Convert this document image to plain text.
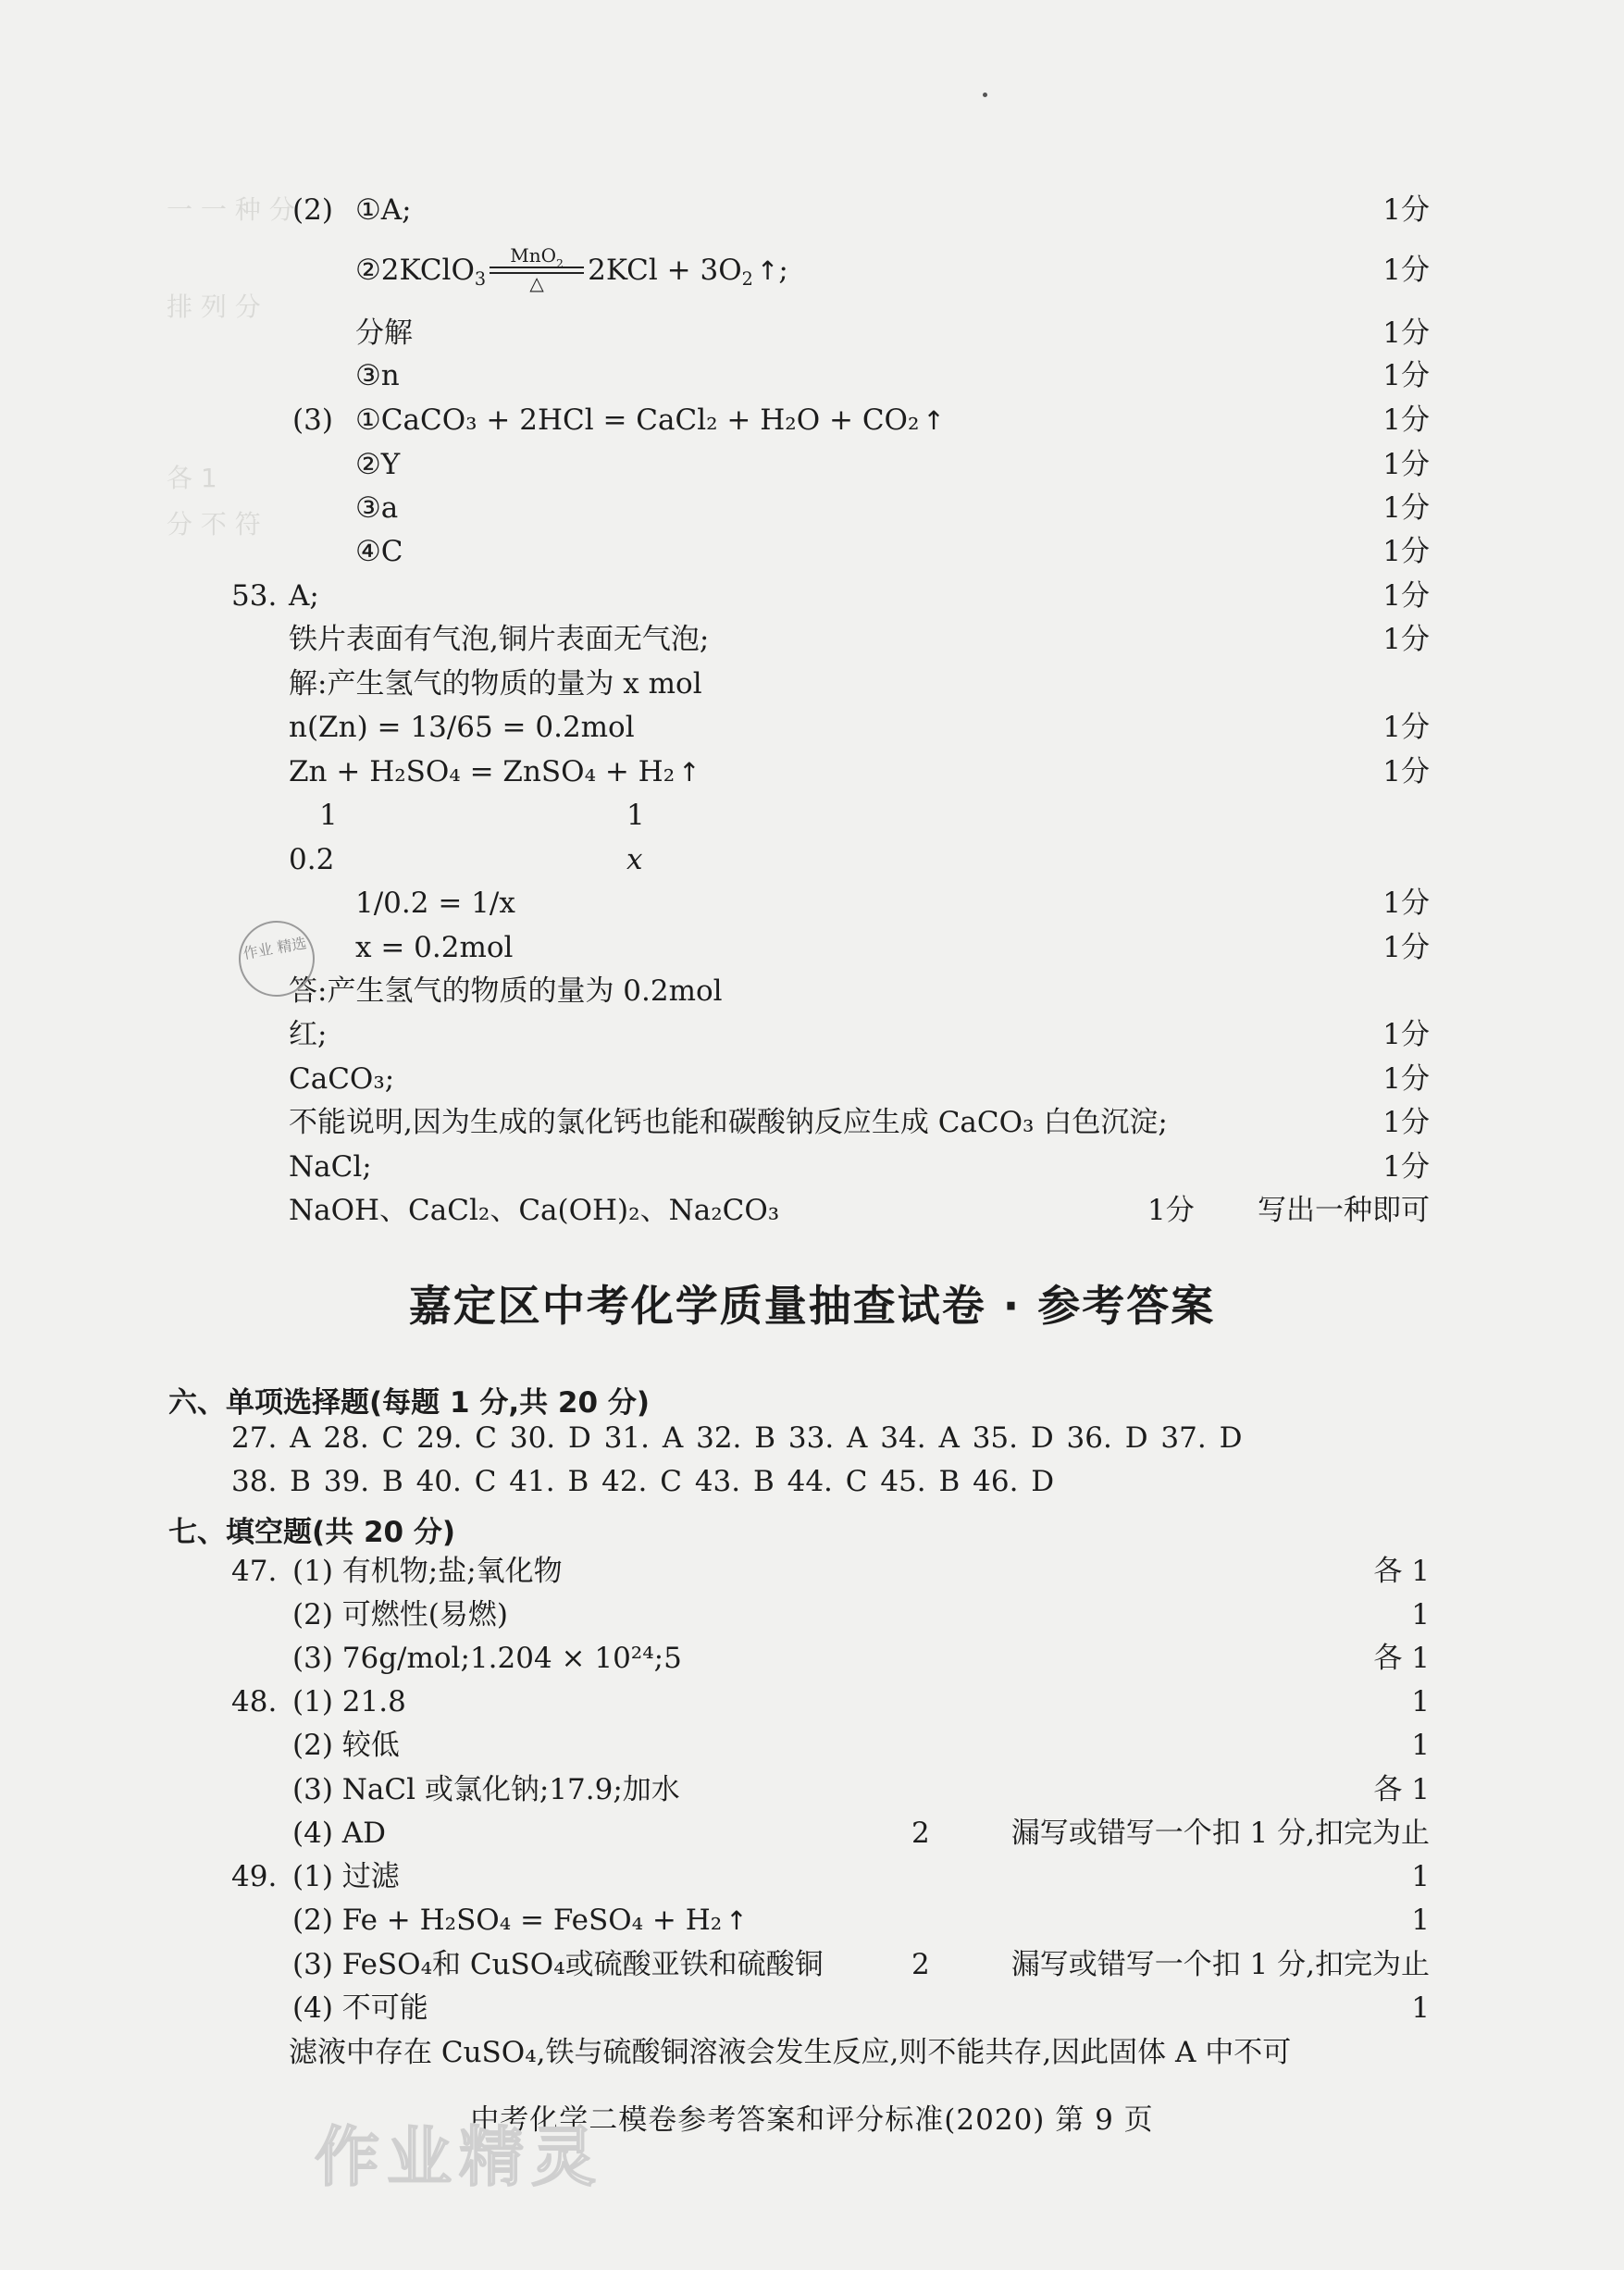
一 一 种 分
排 列 分
各 1
分 不 符
(2) ①A;	1分
②2KClO$_3$
MnO$_2$
△	$2KCl + 3O_2$ ↑;	1分
分解	1分
③n	1分
(3) ①CaCO₃ + 2HCl = CaCl₂ + H₂O + CO₂ ↑	1分
②Y	1分
③a	1分
④C	1分
53. A;	1分
铁片表面有气泡,铜片表面无气泡;	1分
解:产生氢气的物质的量为 x mol
n(Zn) = 13/65 = 0.2mol	1分
Zn + H₂SO₄ = ZnSO₄ + H₂ ↑	1分
1	1
0.2	x
1/0.2 = 1/x	1分
x = 0.2mol	1分
答:产生氢气的物质的量为 0.2mol
红;	1分
CaCO₃;	1分
不能说明,因为生成的氯化钙也能和碳酸钠反应生成 CaCO₃ 白色沉淀;	1分
NaCl;	1分
NaOH、CaCl₂、Ca(OH)₂、Na₂CO₃	1分 写出一种即可
嘉定区中考化学质量抽查试卷 · 参考答案
六、单项选择题(每题 1 分,共 20 分)
27. A 28. C 29. C 30. D 31. A 32. B 33. A 34. A 35. D 36. D 37. D
38. B 39. B 40. C 41. B 42. C 43. B 44. C 45. B 46. D
七、填空题(共 20 分)
47. (1) 有机物;盐;氧化物	各 1
(2) 可燃性(易燃)	1
(3) 76g/mol;1.204 × 10²⁴;5	各 1
48. (1) 21.8	1
(2) 较低	1
(3) NaCl 或氯化钠;17.9;加水	各 1
(4) AD	2	漏写或错写一个扣 1 分,扣完为止
49. (1) 过滤	1
(2) Fe + H₂SO₄ = FeSO₄ + H₂ ↑	1
(3) FeSO₄和 CuSO₄或硫酸亚铁和硫酸铜	2	漏写或错写一个扣 1 分,扣完为止
(4) 不可能	1
滤液中存在 CuSO₄,铁与硫酸铜溶液会发生反应,则不能共存,因此固体 A 中不可
中考化学二模卷参考答案和评分标准(2020) 第 9 页
作业 精选
作业精灵
